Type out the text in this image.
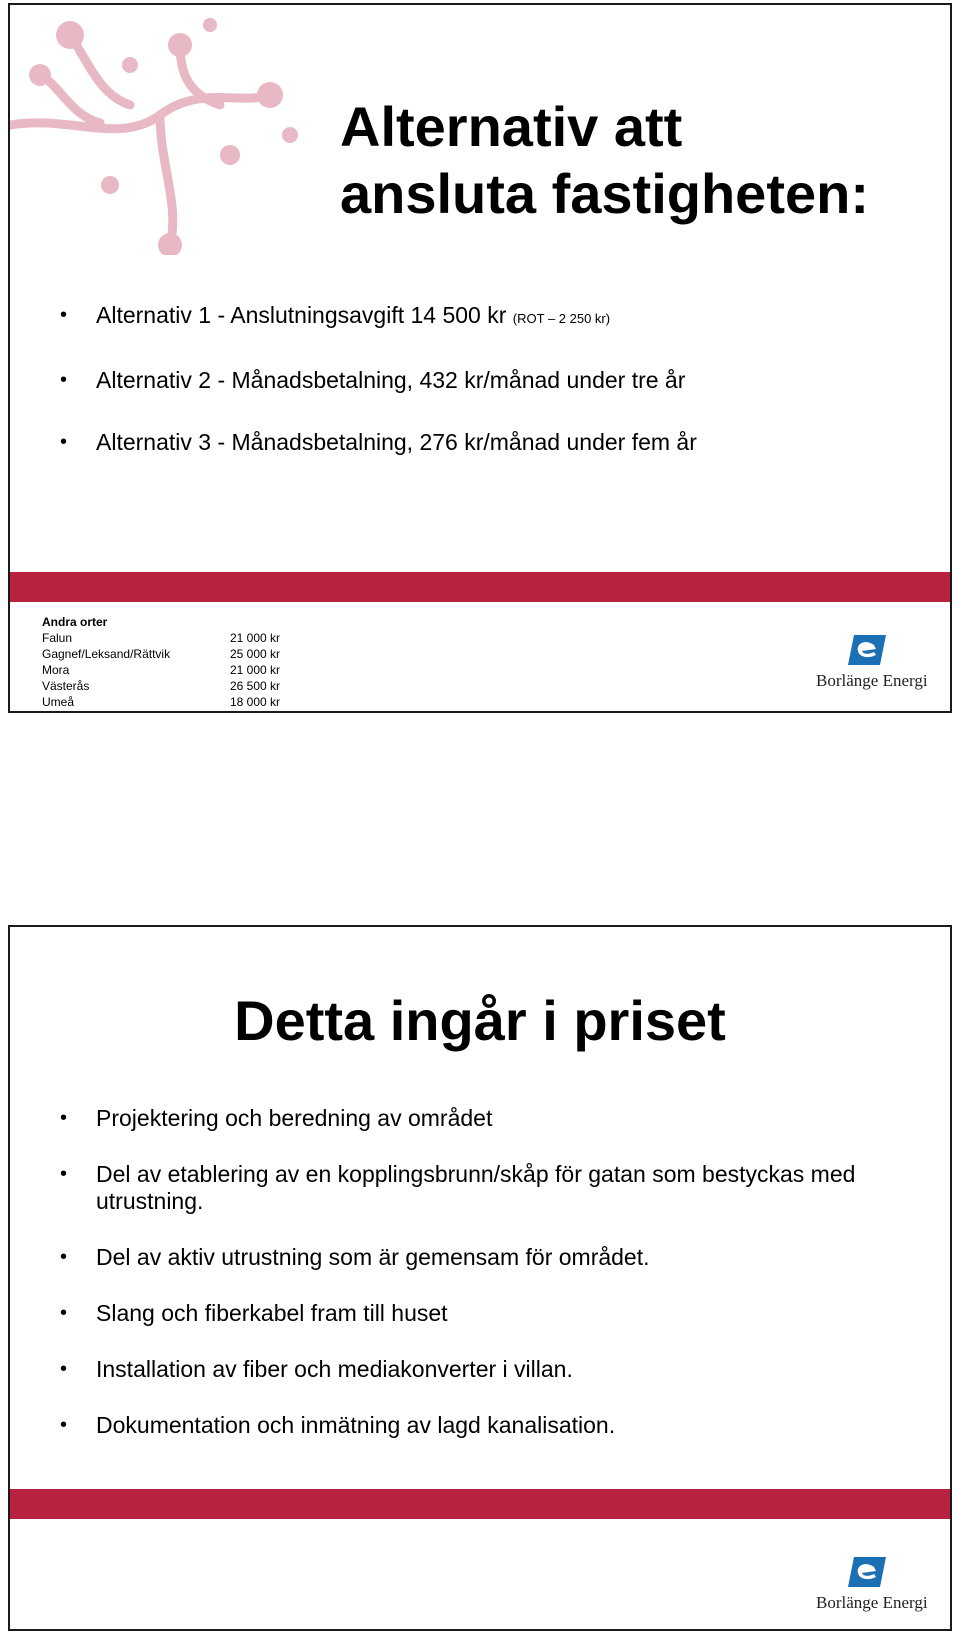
Alternativ att
ansluta fastigheten:
• Alternativ 1 - Anslutningsavgift 14 500 kr (ROT – 2 250 kr)
• Alternativ 2 - Månadsbetalning, 432 kr/månad under tre år
• Alternativ 3 - Månadsbetalning, 276 kr/månad under fem år
Andra orter
Falun	21 000 kr
Gagnef/Leksand/Rättvik	25 000 kr
Mora	21 000 kr
Västerås	26 500 kr
Umeå	18 000 kr
Borlänge Energi
Detta ingår i priset
• Projektering och beredning av området
• Del av etablering av en kopplingsbrunn/skåp för gatan som bestyckas med utrustning.
• Del av aktiv utrustning som är gemensam för området.
• Slang och fiberkabel fram till huset
• Installation av fiber och mediakonverter i villan.
• Dokumentation och inmätning av lagd kanalisation.
Borlänge Energi
